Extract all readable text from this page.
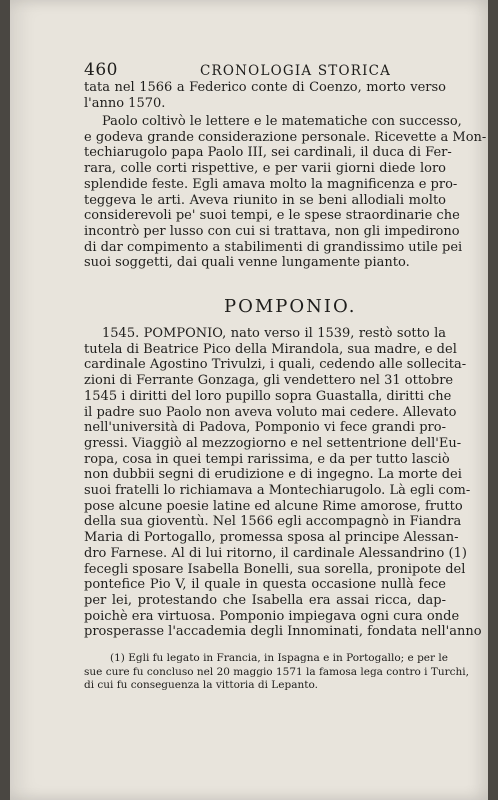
460	CRONOLOGIA STORICA
tata nel 1566 a Federico conte di Coenzo, morto verso
l'anno 1570.
Paolo coltivò le lettere e le matematiche con successo,
e godeva grande considerazione personale. Ricevette a Mon-
techiarugolo papa Paolo III, sei cardinali, il duca di Fer-
rara, colle corti rispettive, e per varii giorni diede loro
splendide feste. Egli amava molto la magnificenza e pro-
teggeva le arti. Aveva riunito in se beni allodiali molto
considerevoli pe' suoi tempi, e le spese straordinarie che
incontrò per lusso con cui si trattava, non gli impedirono
di dar compimento a stabilimenti di grandissimo utile pei
suoi soggetti, dai quali venne lungamente pianto.
POMPONIO.
1545. POMPONIO, nato verso il 1539, restò sotto la
tutela di Beatrice Pico della Mirandola, sua madre, e del
cardinale Agostino Trivulzi, i quali, cedendo alle sollecita-
zioni di Ferrante Gonzaga, gli vendettero nel 31 ottobre
1545 i diritti del loro pupillo sopra Guastalla, diritti che
il padre suo Paolo non aveva voluto mai cedere. Allevato
nell'università di Padova, Pomponio vi fece grandi pro-
gressi. Viaggiò al mezzogiorno e nel settentrione dell'Eu-
ropa, cosa in quei tempi rarissima, e da per tutto lasciò
non dubbii segni di erudizione e di ingegno. La morte dei
suoi fratelli lo richiamava a Montechiarugolo. Là egli com-
pose alcune poesie latine ed alcune Rime amorose, frutto
della sua gioventù. Nel 1566 egli accompagnò in Fiandra
Maria di Portogallo, promessa sposa al principe Alessan-
dro Farnese. Al di lui ritorno, il cardinale Alessandrino (1)
fecegli sposare Isabella Bonelli, sua sorella, pronipote del
pontefice Pio V, il quale in questa occasione nullà fece
per lei, protestando che Isabella era assai ricca, dap-
poichè era virtuosa. Pomponio impiegava ogni cura onde
prosperasse l'accademia degli Innominati, fondata nell'anno
(1) Egli fu legato in Francia, in Ispagna e in Portogallo; e per le
sue cure fu concluso nel 20 maggio 1571 la famosa lega contro i Turchi,
di cui fu conseguenza la vittoria di Lepanto.
